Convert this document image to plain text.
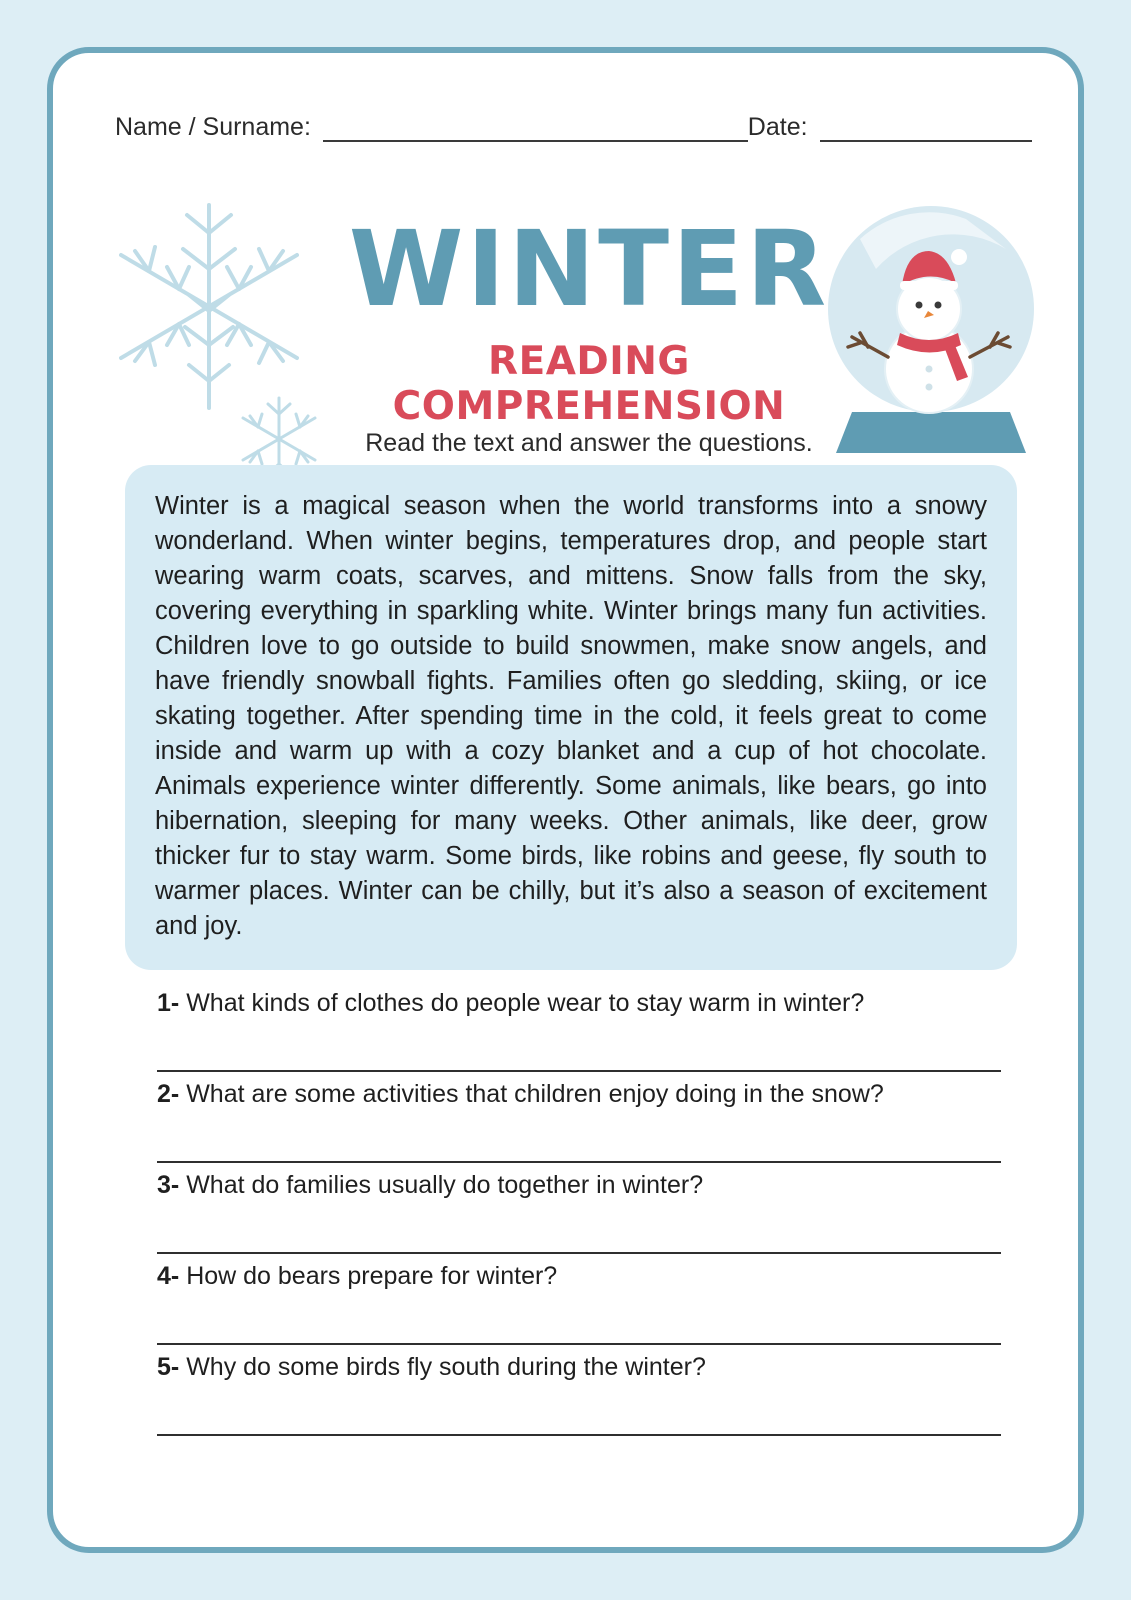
Name / Surname:	Date:
WINTER
READING COMPREHENSION
Read the text and answer the questions.
Winter is a magical season when the world transforms into a snowy wonderland. When winter begins, temperatures drop, and people start wearing warm coats, scarves, and mittens. Snow falls from the sky, covering everything in sparkling white. Winter brings many fun activities. Children love to go outside to build snowmen, make snow angels, and have friendly snowball fights. Families often go sledding, skiing, or ice skating together. After spending time in the cold, it feels great to come inside and warm up with a cozy blanket and a cup of hot chocolate. Animals experience winter differently. Some animals, like bears, go into hibernation, sleeping for many weeks. Other animals, like deer, grow thicker fur to stay warm. Some birds, like robins and geese, fly south to warmer places. Winter can be chilly, but it’s also a season of excitement and joy.
1- What kinds of clothes do people wear to stay warm in winter?
2- What are some activities that children enjoy doing in the snow?
3- What do families usually do together in winter?
4- How do bears prepare for winter?
5- Why do some birds fly south during the winter?
